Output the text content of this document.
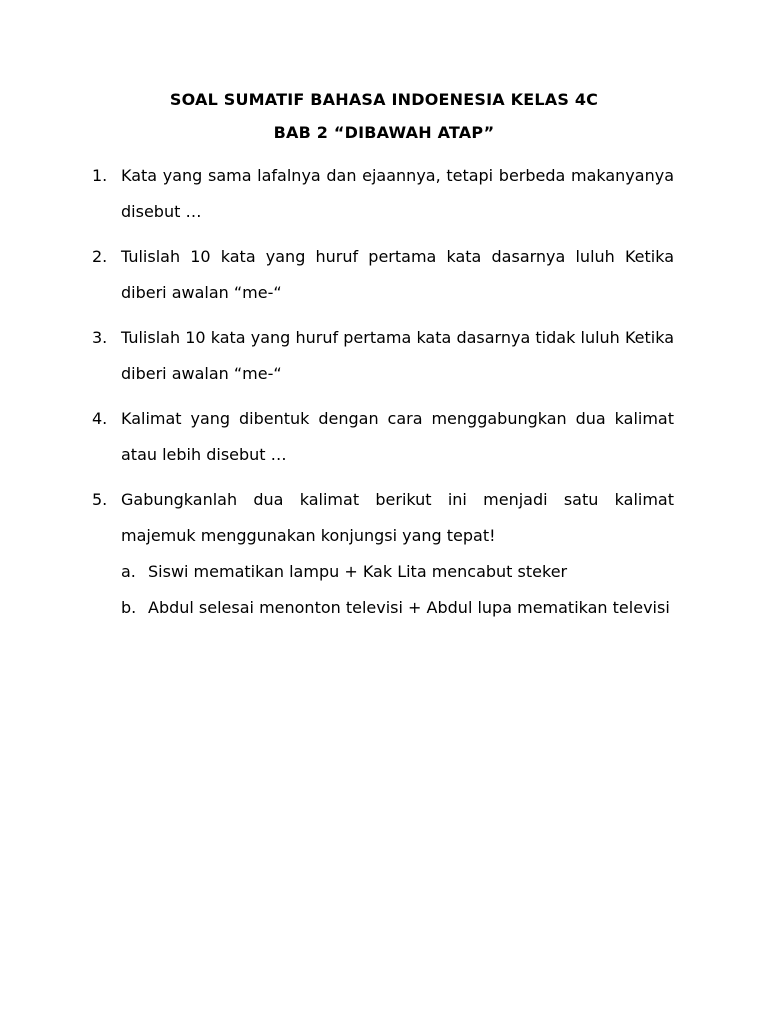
SOAL SUMATIF BAHASA INDOENESIA KELAS 4C
BAB 2 “DIBAWAH ATAP”
1. Kata yang sama lafalnya dan ejaannya, tetapi berbeda makanyanya disebut …
2. Tulislah 10 kata yang huruf pertama kata dasarnya luluh Ketika diberi awalan “me-“
3. Tulislah 10 kata yang huruf pertama kata dasarnya tidak luluh Ketika diberi awalan “me-“
4. Kalimat yang dibentuk dengan cara menggabungkan dua kalimat atau lebih disebut …
5. Gabungkanlah dua kalimat berikut ini menjadi satu kalimat majemuk menggunakan konjungsi yang tepat!
a. Siswi mematikan lampu + Kak Lita mencabut steker
b. Abdul selesai menonton televisi + Abdul lupa mematikan televisi
